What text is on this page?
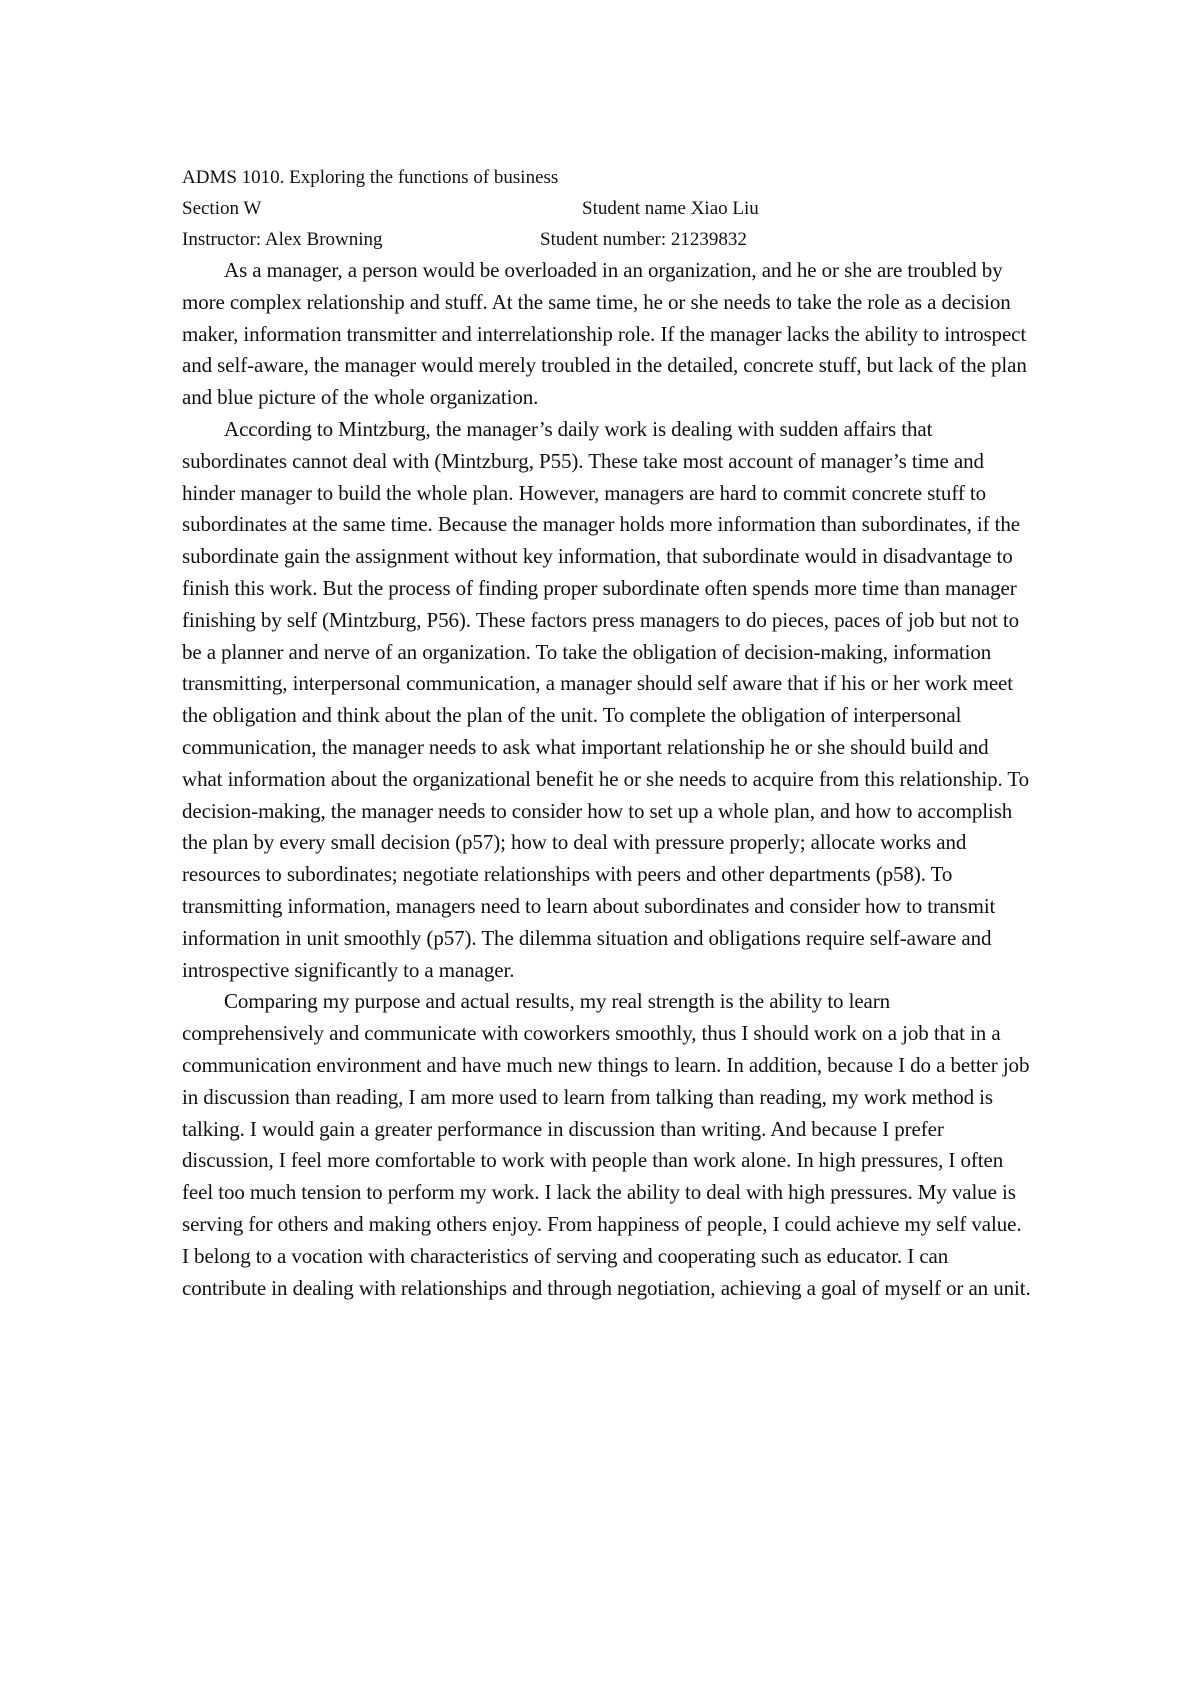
ADMS 1010. Exploring the functions of business
Section W	Student name Xiao Liu
Instructor: Alex Browning	Student number: 21239832

As a manager, a person would be overloaded in an organization, and he or she are troubled by more complex relationship and stuff. At the same time, he or she needs to take the role as a decision maker, information transmitter and interrelationship role. If the manager lacks the ability to introspect and self-aware, the manager would merely troubled in the detailed, concrete stuff, but lack of the plan and blue picture of the whole organization.

According to Mintzburg, the manager’s daily work is dealing with sudden affairs that subordinates cannot deal with (Mintzburg, P55). These take most account of manager’s time and hinder manager to build the whole plan. However, managers are hard to commit concrete stuff to subordinates at the same time. Because the manager holds more information than subordinates, if the subordinate gain the assignment without key information, that subordinate would in disadvantage to finish this work. But the process of finding proper subordinate often spends more time than manager finishing by self (Mintzburg, P56). These factors press managers to do pieces, paces of job but not to be a planner and nerve of an organization. To take the obligation of decision-making, information transmitting, interpersonal communication, a manager should self aware that if his or her work meet the obligation and think about the plan of the unit. To complete the obligation of interpersonal communication, the manager needs to ask what important relationship he or she should build and what information about the organizational benefit he or she needs to acquire from this relationship. To decision-making, the manager needs to consider how to set up a whole plan, and how to accomplish the plan by every small decision (p57); how to deal with pressure properly; allocate works and resources to subordinates; negotiate relationships with peers and other departments (p58). To transmitting information, managers need to learn about subordinates and consider how to transmit information in unit smoothly (p57). The dilemma situation and obligations require self-aware and introspective significantly to a manager.

Comparing my purpose and actual results, my real strength is the ability to learn comprehensively and communicate with coworkers smoothly, thus I should work on a job that in a communication environment and have much new things to learn. In addition, because I do a better job in discussion than reading, I am more used to learn from talking than reading, my work method is talking. I would gain a greater performance in discussion than writing. And because I prefer discussion, I feel more comfortable to work with people than work alone. In high pressures, I often feel too much tension to perform my work. I lack the ability to deal with high pressures. My value is serving for others and making others enjoy. From happiness of people, I could achieve my self value. I belong to a vocation with characteristics of serving and cooperating such as educator. I can contribute in dealing with relationships and through negotiation, achieving a goal of myself or an unit.
